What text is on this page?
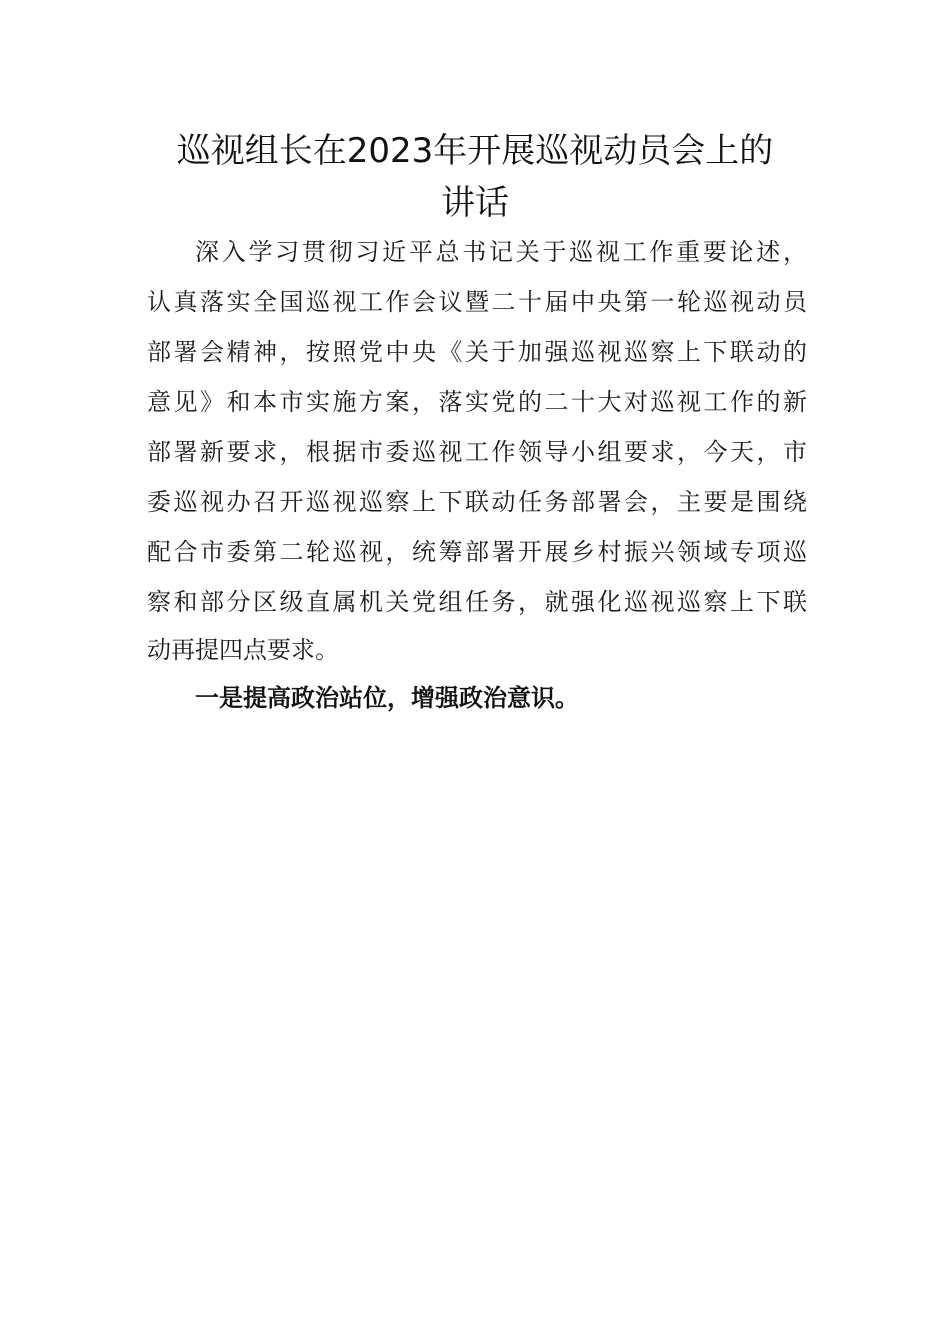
巡视组长在2023年开展巡视动员会上的
讲话
深入学习贯彻习近平总书记关于巡视工作重要论述，
认真落实全国巡视工作会议暨二十届中央第一轮巡视动员
部署会精神，按照党中央《关于加强巡视巡察上下联动的
意见》和本市实施方案，落实党的二十大对巡视工作的新
部署新要求，根据市委巡视工作领导小组要求，今天，市
委巡视办召开巡视巡察上下联动任务部署会，主要是围绕
配合市委第二轮巡视，统筹部署开展乡村振兴领域专项巡
察和部分区级直属机关党组任务，就强化巡视巡察上下联
动再提四点要求。
一是提高政治站位，增强政治意识。
